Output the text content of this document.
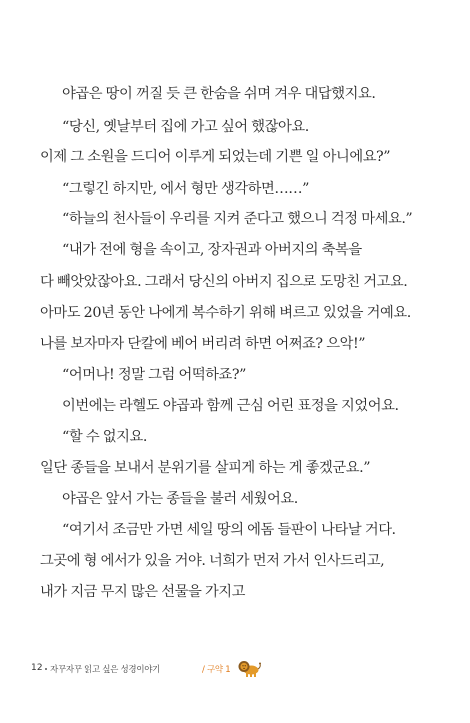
야곱은 땅이 꺼질 듯 큰 한숨을 쉬며 겨우 대답했지요.
“당신, 옛날부터 집에 가고 싶어 했잖아요.
이제 그 소원을 드디어 이루게 되었는데 기쁜 일 아니에요?”
“그렇긴 하지만, 에서 형만 생각하면……”
“하늘의 천사들이 우리를 지켜 준다고 했으니 걱정 마세요.”
“내가 전에 형을 속이고, 장자권과 아버지의 축복을
다 빼앗았잖아요. 그래서 당신의 아버지 집으로 도망친 거고요.
아마도 20년 동안 나에게 복수하기 위해 벼르고 있었을 거예요.
나를 보자마자 단칼에 베어 버리려 하면 어쩌죠? 으악!”
“어머나! 정말 그럼 어떡하죠?”
이번에는 라헬도 야곱과 함께 근심 어린 표정을 지었어요.
“할 수 없지요.
일단 종들을 보내서 분위기를 살피게 하는 게 좋겠군요.”
야곱은 앞서 가는 종들을 불러 세웠어요.
“여기서 조금만 가면 세일 땅의 에돔 들판이 나타날 거다.
그곳에 형 에서가 있을 거야. 너희가 먼저 가서 인사드리고,
내가 지금 무지 많은 선물을 가지고
12 자꾸자꾸 읽고 싶은 성경이야기	/ 구약 1
